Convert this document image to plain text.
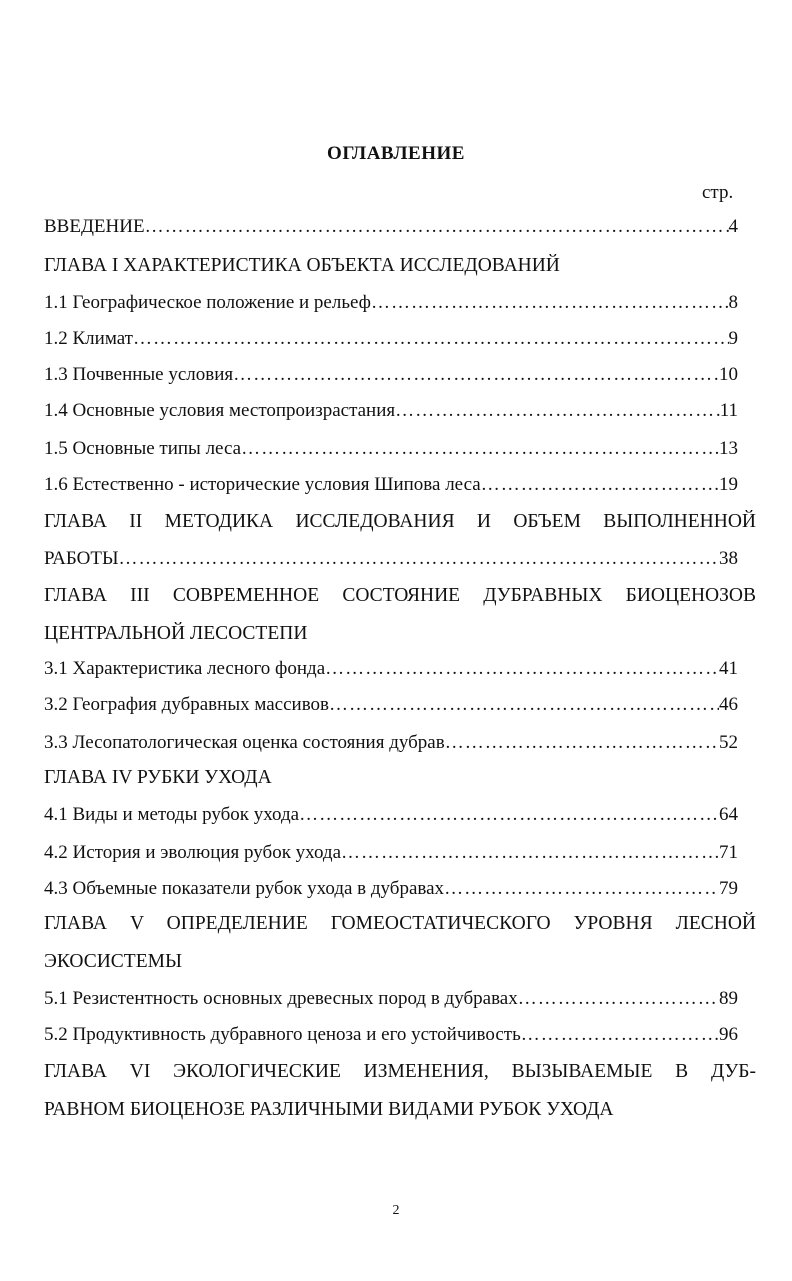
ОГЛАВЛЕНИЕ
стр.
ВВЕДЕНИЕ …………………………………………………………………………………………………………………………………………………………………………………………………………	4
ГЛАВА I ХАРАКТЕРИСТИКА ОБЪЕКТА ИССЛЕДОВАНИЙ
1.1 Географическое положение и рельеф …………………………………………………………………………………………………………………………………………………………………………………………………………	8
1.2 Климат …………………………………………………………………………………………………………………………………………………………………………………………………………	9
1.3 Почвенные условия …………………………………………………………………………………………………………………………………………………………………………………………………………	10
1.4 Основные условия местопроизрастания …………………………………………………………………………………………………………………………………………………………………………………………………………	11
1.5 Основные типы леса …………………………………………………………………………………………………………………………………………………………………………………………………………	13
1.6 Естественно - исторические условия Шипова леса …………………………………………………………………………………………………………………………………………………………………………………………………………	19
ГЛАВА II МЕТОДИКА ИССЛЕДОВАНИЯ И ОБЪЕМ ВЫПОЛНЕННОЙ
РАБОТЫ …………………………………………………………………………………………………………………………………………………………………………………………………………	38
ГЛАВА III СОВРЕМЕННОЕ СОСТОЯНИЕ ДУБРАВНЫХ БИОЦЕНОЗОВ
ЦЕНТРАЛЬНОЙ ЛЕСОСТЕПИ
3.1 Характеристика лесного фонда …………………………………………………………………………………………………………………………………………………………………………………………………………	41
3.2 География дубравных массивов …………………………………………………………………………………………………………………………………………………………………………………………………………	46
3.3 Лесопатологическая оценка состояния дубрав …………………………………………………………………………………………………………………………………………………………………………………………………………	52
ГЛАВА IV РУБКИ УХОДА
4.1 Виды и методы рубок ухода …………………………………………………………………………………………………………………………………………………………………………………………………………	64
4.2 История и эволюция рубок ухода …………………………………………………………………………………………………………………………………………………………………………………………………………	71
4.3 Объемные показатели рубок ухода в дубравах …………………………………………………………………………………………………………………………………………………………………………………………………………	79
ГЛАВА V ОПРЕДЕЛЕНИЕ ГОМЕОСТАТИЧЕСКОГО УРОВНЯ ЛЕСНОЙ
ЭКОСИСТЕМЫ
5.1 Резистентность основных древесных пород в дубравах …………………………………………………………………………………………………………………………………………………………………………………………………………	89
5.2 Продуктивность дубравного ценоза и его устойчивость …………………………………………………………………………………………………………………………………………………………………………………………………………	96
ГЛАВА VI ЭКОЛОГИЧЕСКИЕ ИЗМЕНЕНИЯ, ВЫЗЫВАЕМЫЕ В ДУБ-
РАВНОМ БИОЦЕНОЗЕ РАЗЛИЧНЫМИ ВИДАМИ РУБОК УХОДА
2
